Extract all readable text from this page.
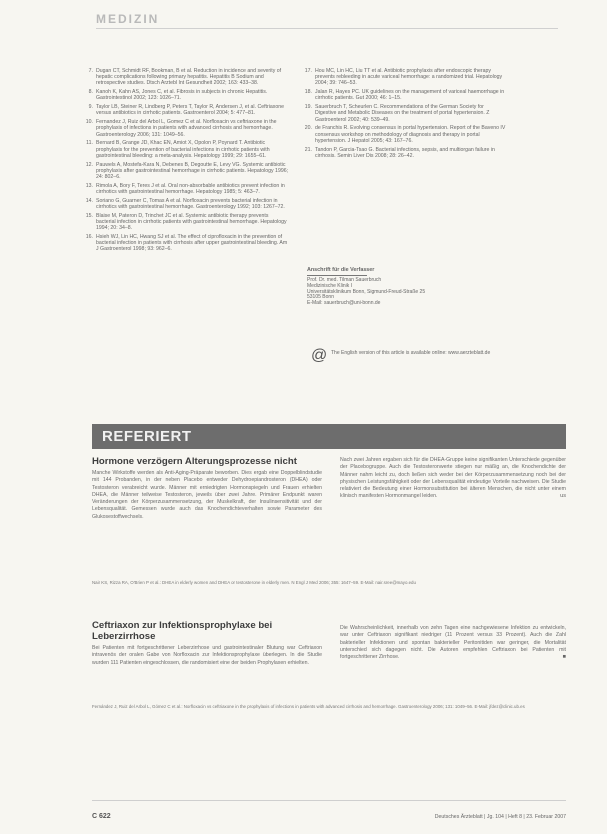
MEDIZIN
7. Dugan CT, Schmidt RF, Bookman, B et al. Reduction in incidence and severity of hepatic complications following primary hepatitis. Hepatitis B Sodium and retrospective studies. Dtsch Arztebl Int Gesundheit 2002; 163: 433–38.
8. Kanoh K, Kahn AS, Jones C, et al. Fibrosis in subjects in chronic Hepatitis. Gastrointestinol 2002; 123: 1026–71.
9. Taylor LB, Steiner R, Lindberg P, Peters T, Taylor R, Andersen J, et al. Ceftriaxone versus antibiotics in cirrhotic patients. Gastroenterol 2004; 5: 477–81.
10. Fernandez J, Ruiz del Arbol L, Gomez C et al. Norfloxacin vs ceftriaxone in the prophylaxis of infections in patients with advanced cirrhosis and hemorrhage. Gastroenterology 2006; 131: 1049–56.
11. Bernard B, Grange JD, Khac EN, Amiot X, Opolon P, Poynard T. Antibiotic prophylaxis for the prevention of bacterial infections in cirrhotic patients with gastrointestinal bleeding: a meta-analysis. Hepatology 1999; 29: 1655–61.
12. Pauwels A, Mostefa-Kara N, Debenes B, Degoutte E, Levy VG. Systemic antibiotic prophylaxis after gastrointestinal hemorrhage in cirrhotic patients. Hepatology 1996; 24: 802–6.
13. Rimola A, Bory F, Teres J et al. Oral non-absorbable antibiotics prevent infection in cirrhotics with gastrointestinal hemorrhage. Hepatology 1985; 5: 463–7.
14. Soriano G, Guarner C, Tomas A et al. Norfloxacin prevents bacterial infection in cirrhotics with gastrointestinal hemorrhage. Gastroenterology 1992; 103: 1267–72.
15. Blaise M, Pateron D, Trinchet JC et al. Systemic antibiotic therapy prevents bacterial infection in cirrhotic patients with gastrointestinal hemorrhage. Hepatology 1994; 20: 34–8.
16. Hsieh WJ, Lin HC, Hwang SJ et al. The effect of ciprofloxacin in the prevention of bacterial infection in patients with cirrhosis after upper gastrointestinal bleeding. Am J Gastroenterol 1998; 93: 962–6.
17. Hou MC, Lin HC, Liu TT et al. Antibiotic prophylaxis after endoscopic therapy prevents rebleeding in acute variceal hemorrhage: a randomized trial. Hepatology 2004; 39: 746–53.
18. Jalan R, Hayes PC. UK guidelines on the management of variceal haemorrhage in cirrhotic patients. Gut 2000; 46: 1–15.
19. Sauerbruch T, Scheurlen C. Recommendations of the German Society for Digestive and Metabolic Diseases on the treatment of portal hypertension. Z Gastroenterol 2002; 40: 539–49.
20. de Franchis R. Evolving consensus in portal hypertension. Report of the Baveno IV consensus workshop on methodology of diagnosis and therapy in portal hypertension. J Hepatol 2005; 43: 167–76.
21. Tandon P, Garcia-Tsao G. Bacterial infections, sepsis, and multiorgan failure in cirrhosis. Semin Liver Dis 2008; 28: 26–42.
Anschrift für die Verfasser
Prof. Dr. med. Tilman Sauerbruch
Medizinische Klinik I
Universitätsklinikum Bonn, Sigmund-Freud-Straße 25
53105 Bonn
E-Mail: sauerbruch@uni-bonn.de
@ The English version of this article is available online: www.aerzteblatt.de
REFERIERT
Hormone verzögern Alterungsprozesse nicht
Manche Wirkstoffe werden als Anti-Aging-Präparate beworben. Dies ergab eine Doppelblindstudie mit 144 Probanden, in der neben Placebo entweder Dehydroepiandrosteron (DHEA) oder Testosteron verabreicht wurde. Männer mit erniedrigten Hormonspiegeln und Frauen erhielten DHEA, die Männer teilweise Testosteron, jeweils über zwei Jahre. Primärer Endpunkt waren Veränderungen der Körperzusammensetzung, der Muskelkraft, der Insulinsensitivität und der Lebensqualität. Gemessen wurde auch das Knochendichteverhalten sowie Parameter des Glukosestoffwechsels.
Nach zwei Jahren ergaben sich für die DHEA-Gruppe keine signifikanten Unterschiede gegenüber der Placebogruppe. Auch die Testosteronwerte stiegen nur mäßig an, die Knochendichte der Männer nahm leicht zu, doch ließen sich weder bei der Körperzusammensetzung noch bei der physischen Leistungsfähigkeit oder der Lebensqualität eindeutige Vorteile nachweisen. Die Studie relativiert die Bedeutung einer Hormonsubstitution bei älteren Menschen, die nicht unter einem klinisch manifesten Hormonmangel leiden.	us
Nair KS, Rizza RA, O'Brien P et al.: DHEA in elderly women and DHEA or testosterone in elderly men. N Engl J Med 2006; 355: 1647–59. E-Mail: nair.sree@mayo.edu
Ceftriaxon zur Infektionsprophylaxe bei Leberzirrhose
Bei Patienten mit fortgeschrittener Leberzirrhose und gastrointestinaler Blutung war Ceftriaxon intravenös der oralen Gabe von Norfloxacin zur Infektionsprophylaxe überlegen. In die Studie wurden 111 Patienten eingeschlossen, die randomisiert eine der beiden Prophylaxen erhielten.
Die Wahrscheinlichkeit, innerhalb von zehn Tagen eine nachgewiesene Infektion zu entwickeln, war unter Ceftriaxon signifikant niedriger (11 Prozent versus 33 Prozent). Auch die Zahl bakterieller Infektionen und spontan bakterieller Peritonitiden war geringer, die Mortalität unterschied sich dagegen nicht. Die Autoren empfehlen Ceftriaxon bei Patienten mit fortgeschrittener Zirrhose.	■
Fernández J, Ruiz del Arbol L, Gómez C et al.: Norfloxacin vs ceftriaxone in the prophylaxis of infections in patients with advanced cirrhosis and hemorrhage. Gastroenterology 2006; 131: 1049–56. E-Mail: jfdez@clinic.ub.es
C 622	Deutsches Ärzteblatt | Jg. 104 | Heft 8 | 23. Februar 2007
